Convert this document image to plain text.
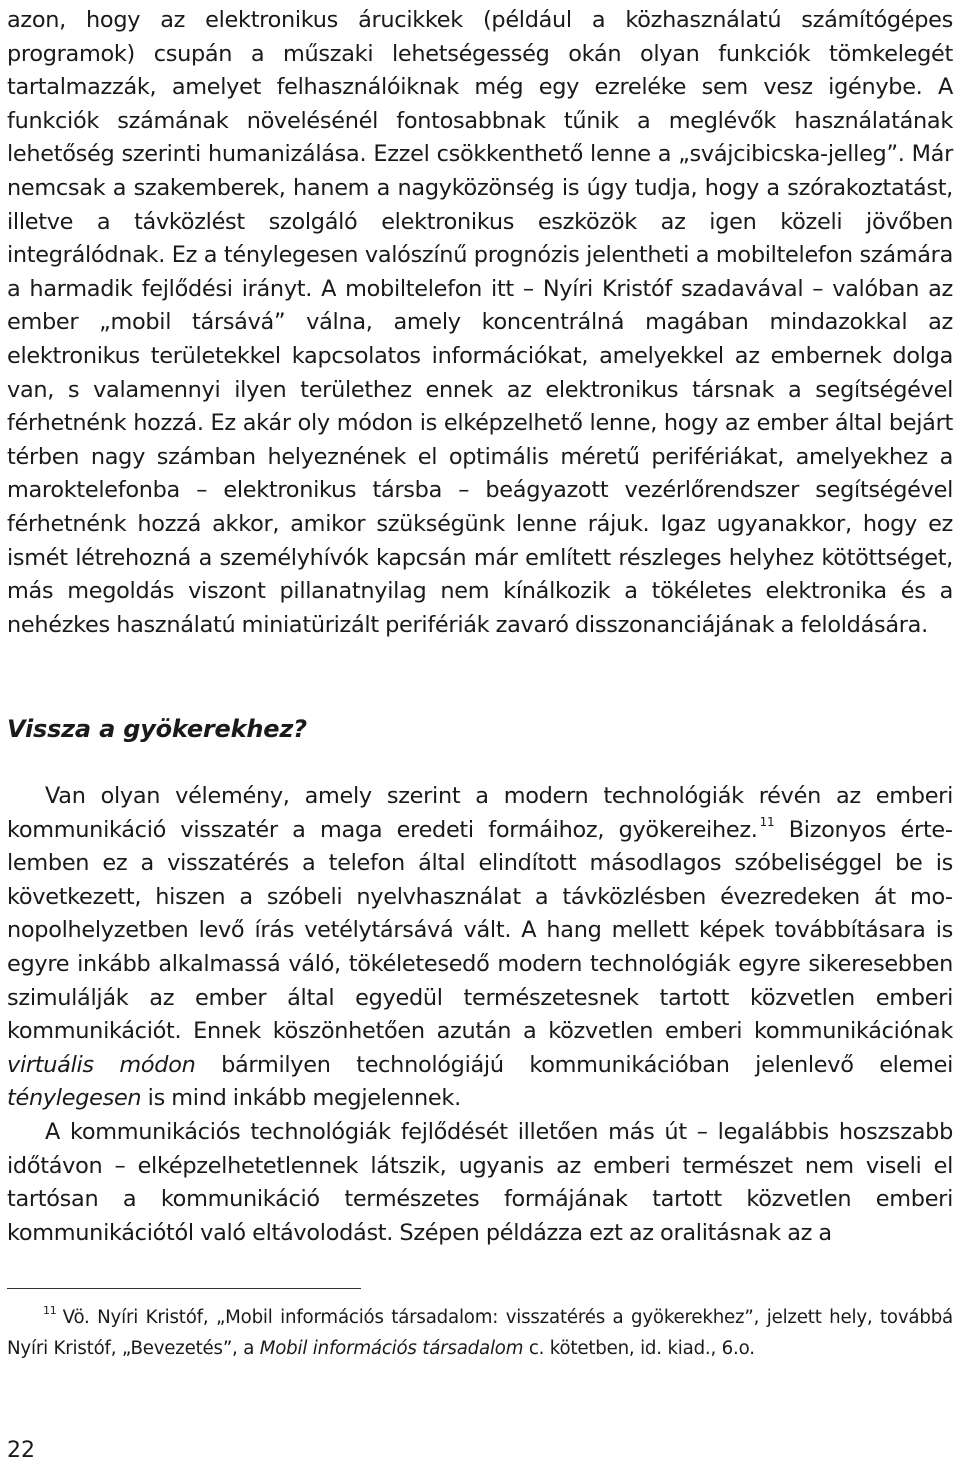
azon, hogy az elektronikus árucikkek (például a közhasználatú számítógépes programok) csupán a műszaki lehetségesség okán olyan funkciók tömkelegét tartalmazzák, amelyet felhasználóiknak még egy ezreléke sem vesz igénybe. A funkciók számának növelésénél fontosabbnak tűnik a meglévők használatának lehetőség szerinti humanizálása. Ezzel csökkenthető lenne a „svájcibicska-jelleg”. Már nemcsak a szakemberek, hanem a nagyközönség is úgy tudja, hogy a szórakoztatást, illetve a távközlést szolgáló elektronikus eszközök az igen közeli jövőben integrálódnak. Ez a ténylegesen valószínű prognózis jelentheti a mobiltelefon számára a harmadik fejlődési irányt. A mobiltelefon itt – Nyíri Kristóf szadavával – valóban az ember „mobil társává” válna, amely koncentrálná magában mindazokkal az elektronikus területekkel kapcsolatos információkat, amelyekkel az embernek dolga van, s valamennyi ilyen területhez ennek az elektronikus társnak a segítségével férhetnénk hozzá. Ez akár oly módon is elképzelhető lenne, hogy az ember által bejárt térben nagy számban helyeznének el optimális méretű perifériákat, amelyekhez a maroktelefonba – elektronikus társba – beágyazott vezérlőrendszer segítségével férhetnénk hozzá akkor, amikor szükségünk lenne rájuk. Igaz ugyanakkor, hogy ez ismét létrehozná a személyhívók kapcsán már említett részleges helyhez kötöttséget, más megoldás viszont pillanatnyilag nem kínálkozik a tökéletes elektronika és a nehézkes használatú miniatürizált perifériák zavaró disszonanciájának a feloldására.

Vissza a gyökerekhez?

Van olyan vélemény, amely szerint a modern technológiák révén az emberi kommunikáció visszatér a maga eredeti formáihoz, gyökereihez. $^{11}$ Bizonyos értelemben ez a visszatérés a telefon által elindított másodlagos szóbeliséggel be is következett, hiszen a szóbeli nyelvhasználat a távközlésben évezredeken át monopolhelyzetben levő írás vetélytársává vált. A hang mellett képek továbbításara is egyre inkább alkalmassá váló, tökéletesedő modern technológiák egyre sikeresebben szimulálják az ember által egyedül természetesnek tartott közvetlen emberi kommunikációt. Ennek köszönhetően azután a közvetlen emberi kommunikációnak virtuális módon bármilyen technológiájú kommunikációban jelenlevő elemei ténylegesen is mind inkább megjelennek.
A kommunikációs technológiák fejlődését illetően más út – legalábbis hoszszabb időtávon – elképzelhetetlennek látszik, ugyanis az emberi természet nem viseli el tartósan a kommunikáció természetes formájának tartott közvetlen emberi kommunikációtól való eltávolodást. Szépen példázza ezt az oralitásnak az a

11 Vö. Nyíri Kristóf, „Mobil információs társadalom: visszatérés a gyökerekhez”, jelzett hely, továbbá Nyíri Kristóf, „Bevezetés”, a Mobil információs társadalom c. kötetben, id. kiad., 6.o.

22
